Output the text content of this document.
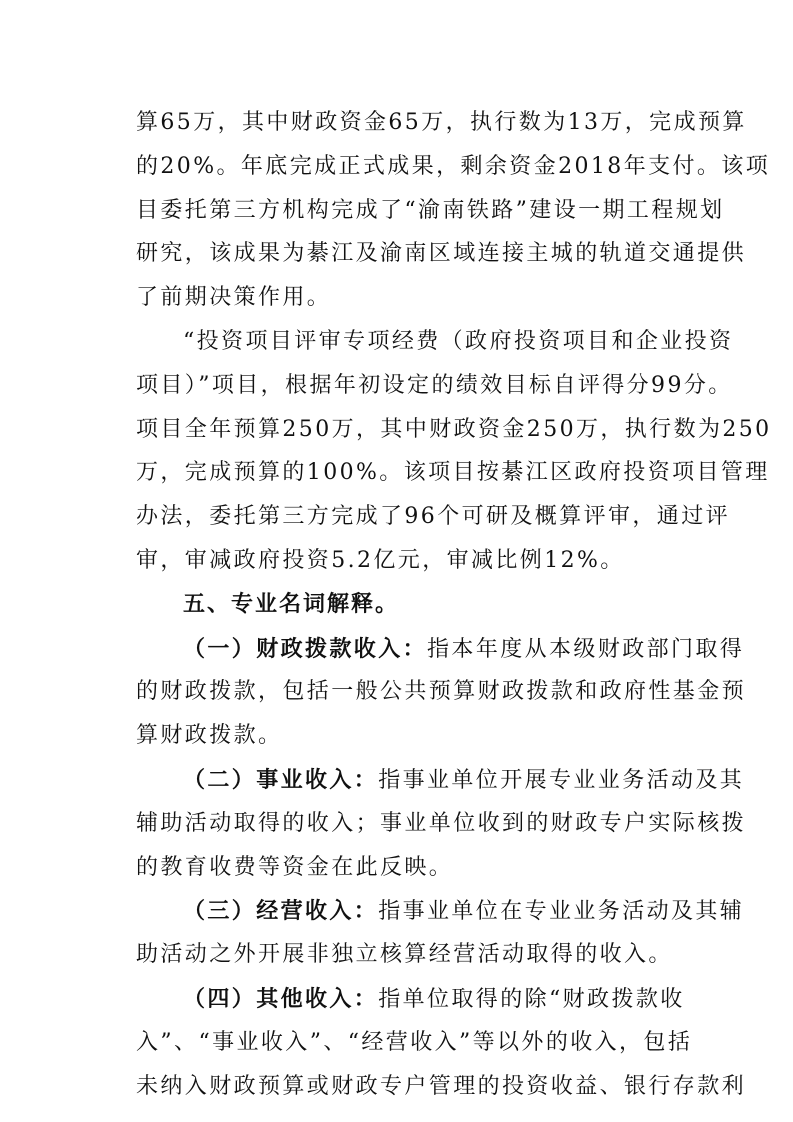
算65万，其中财政资金65万，执行数为13万，完成预算
的20%。年底完成正式成果，剩余资金2018年支付。该项
目委托第三方机构完成了“渝南铁路”建设一期工程规划
研究，该成果为綦江及渝南区域连接主城的轨道交通提供
了前期决策作用。
“投资项目评审专项经费（政府投资项目和企业投资
项目）”项目，根据年初设定的绩效目标自评得分99分。
项目全年预算250万，其中财政资金250万，执行数为250
万，完成预算的100%。该项目按綦江区政府投资项目管理
办法，委托第三方完成了96个可研及概算评审，通过评
审，审减政府投资5.2亿元，审减比例12%。
五、专业名词解释。
（一）财政拨款收入：指本年度从本级财政部门取得
的财政拨款，包括一般公共预算财政拨款和政府性基金预
算财政拨款。
（二）事业收入：指事业单位开展专业业务活动及其
辅助活动取得的收入；事业单位收到的财政专户实际核拨
的教育收费等资金在此反映。
（三）经营收入：指事业单位在专业业务活动及其辅
助活动之外开展非独立核算经营活动取得的收入。
（四）其他收入：指单位取得的除“财政拨款收
入”、“事业收入”、“经营收入”等以外的收入，包括
未纳入财政预算或财政专户管理的投资收益、银行存款利
